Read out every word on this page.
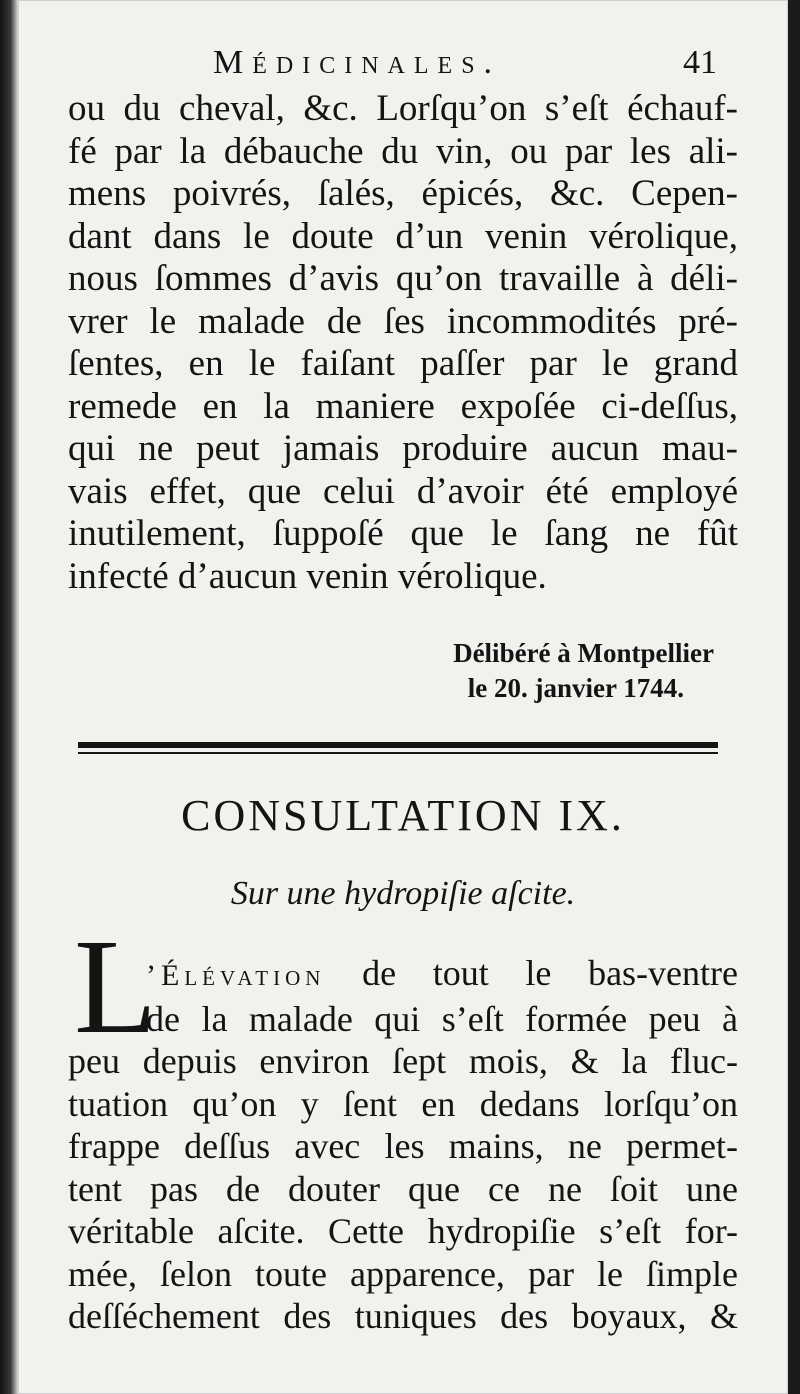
Médicinales.	41
ou du cheval, &c. Lorſqu’on s’eſt échauf-
fé par la débauche du vin, ou par les ali-
mens poivrés, ſalés, épicés, &c. Cepen-
dant dans le doute d’un venin vérolique,
nous ſommes d’avis qu’on travaille à déli-
vrer le malade de ſes incommodités pré-
ſentes, en le faiſant paſſer par le grand
remede en la maniere expoſée ci-deſſus,
qui ne peut jamais produire aucun mau-
vais effet, que celui d’avoir été employé
inutilement, ſuppoſé que le ſang ne fût
infecté d’aucun venin vérolique.
Délibéré à Montpellier
le 20. janvier 1744.
CONSULTATION IX.
Sur une hydropiſie aſcite.
L
’Élévation de tout le bas-ventre
de la malade qui s’eſt formée peu à
peu depuis environ ſept mois, & la fluc-
tuation qu’on y ſent en dedans lorſqu’on
frappe deſſus avec les mains, ne permet-
tent pas de douter que ce ne ſoit une
véritable aſcite. Cette hydropiſie s’eſt for-
mée, ſelon toute apparence, par le ſimple
deſſéchement des tuniques des boyaux, &
